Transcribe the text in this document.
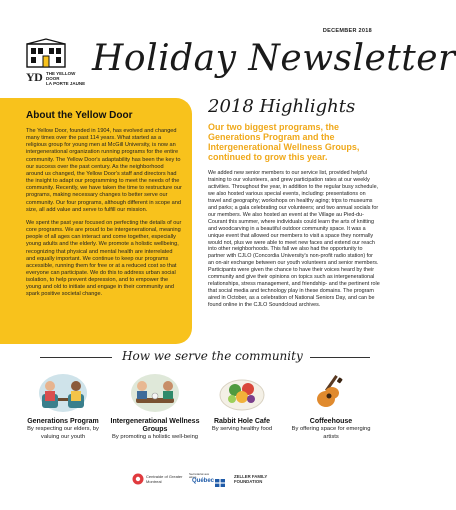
DECEMBER 2018
YD THE YELLOW DOOR
LA PORTE JAUNE
Holiday Newsletter
About the Yellow Door

The Yellow Door, founded in 1904, has evolved and changed many times over the past 114 years. What started as a religious group for young men at McGill University, is now an intergenerational organization running programs for the entire community. The Yellow Door's adaptability has been the key to our success over the past century. As the neighborhood around us changed, the Yellow Door's staff and directors had the insight to adapt our programming to meet the needs of the community. Recently, we have taken the time to restructure our programs, making necessary changes to better serve our community. Our four programs, although different in scope and size, all add value and serve to fulfill our mission.

We spent the past year focused on perfecting the details of our core programs. We are proud to be intergenerational, meaning people of all ages can interact and come together, especially young adults and the elderly. We promote a holistic wellbeing, recognizing that physical and mental health are interrelated and equally important. We continue to keep our programs accessible, running them for free or at a reduced cost so that everyone can participate. We do this to address urban social isolation, to help prevent depression, and to empower the young and old to initiate and engage in their community and spark positive societal change.

2018 Highlights
Our two biggest programs, the Generations Program and the Intergenerational Wellness Groups, continued to grow this year.
We added new senior members to our service list, provided helpful training to our volunteers, and grew participation rates at our weekly activities. Throughout the year, in addition to the regular busy schedule, we also hosted various special events, including: presentations on travel and geography; workshops on healthy aging; trips to museums and parks; a gala celebrating our volunteers; and two annual socials for our members. We also hosted an event at the Village au Pied-du-Courant this summer, where individuals could learn the arts of knitting and woodcarving in a beautiful outdoor community space. It was a unique event that allowed our members to visit a space they normally would not, plus we were able to meet new faces and extend our reach into other neighborhoods. This fall we also had the opportunity to partner with CJLO (Concordia University's non-profit radio station) for an on-air exchange between our youth volunteers and senior members. Participants were given the chance to have their voices heard by their community and give their opinions on topics such as intergenerational relationships, stress management, and friendship- and the pertinent role that social media and technology play in these domains. The program aired in October, as a celebration of National Seniors Day, and can be found online in the CJLO Soundcloud archives.
How we serve the community
Generations Program
By respecting our elders, by valuing our youth
Intergenerational Wellness Groups
By promoting a holistic well-being
Rabbit Hole Cafe
By serving healthy food
Coffeehouse
By offering space for emerging artists
Centraide of Greater Montreal
Secrétariat aux aînés
Québec
ZELLER FAMILY FOUNDATION
